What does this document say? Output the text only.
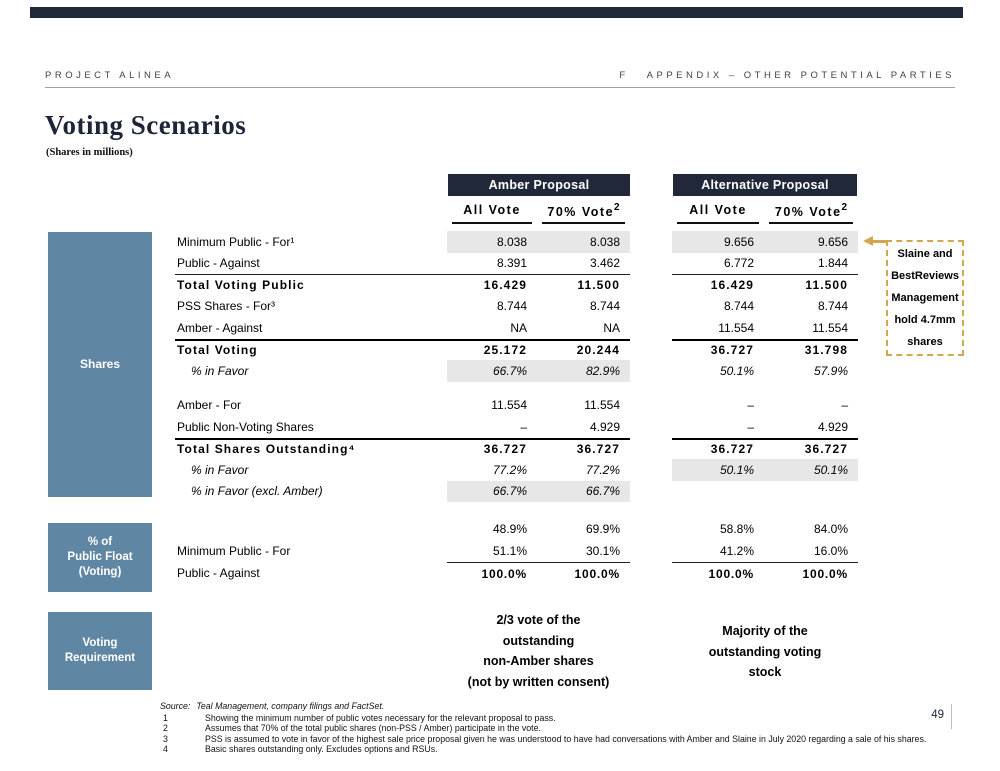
PROJECT ALINEA	F APPENDIX – OTHER POTENTIAL PARTIES
Voting Scenarios
(Shares in millions)
Amber Proposal	Alternative Proposal
All Vote	70% Vote$^2$	All Vote	70% Vote$^2$
Shares
% of
Public Float
(Voting)
Voting
Requirement
Minimum Public - For¹	8.038	8.038	9.656	9.656
Public - Against	8.391	3.462	6.772	1.844
Total Voting Public	16.429	11.500	16.429	11.500
PSS Shares - For³	8.744	8.744	8.744	8.744
Amber - Against	NA	NA	11.554	11.554
Total Voting	25.172	20.244	36.727	31.798
% in Favor	66.7%	82.9%	50.1%	57.9%
Amber - For	11.554	11.554	–	–
Public Non-Voting Shares	–	4.929	–	4.929
Total Shares Outstanding⁴	36.727	36.727	36.727	36.727
% in Favor	77.2%	77.2%	50.1%	50.1%
% in Favor (excl. Amber)	66.7%	66.7%
48.9%	69.9%	58.8%	84.0%
Minimum Public - For	51.1%	30.1%	41.2%	16.0%
Public - Against	100.0%	100.0%	100.0%	100.0%
2/3 vote of the
outstanding
non-Amber shares
(not by written consent)
Majority of the
outstanding voting
stock
Slaine and
BestReviews
Management
hold 4.7mm
shares
Source: Teal Management, company filings and FactSet.
1	Showing the minimum number of public votes necessary for the relevant proposal to pass.
2	Assumes that 70% of the total public shares (non-PSS / Amber) participate in the vote.
3	PSS is assumed to vote in favor of the highest sale price proposal given he was understood to have had conversations with Amber and Slaine in July 2020 regarding a sale of his shares.
4	Basic shares outstanding only. Excludes options and RSUs.
49
